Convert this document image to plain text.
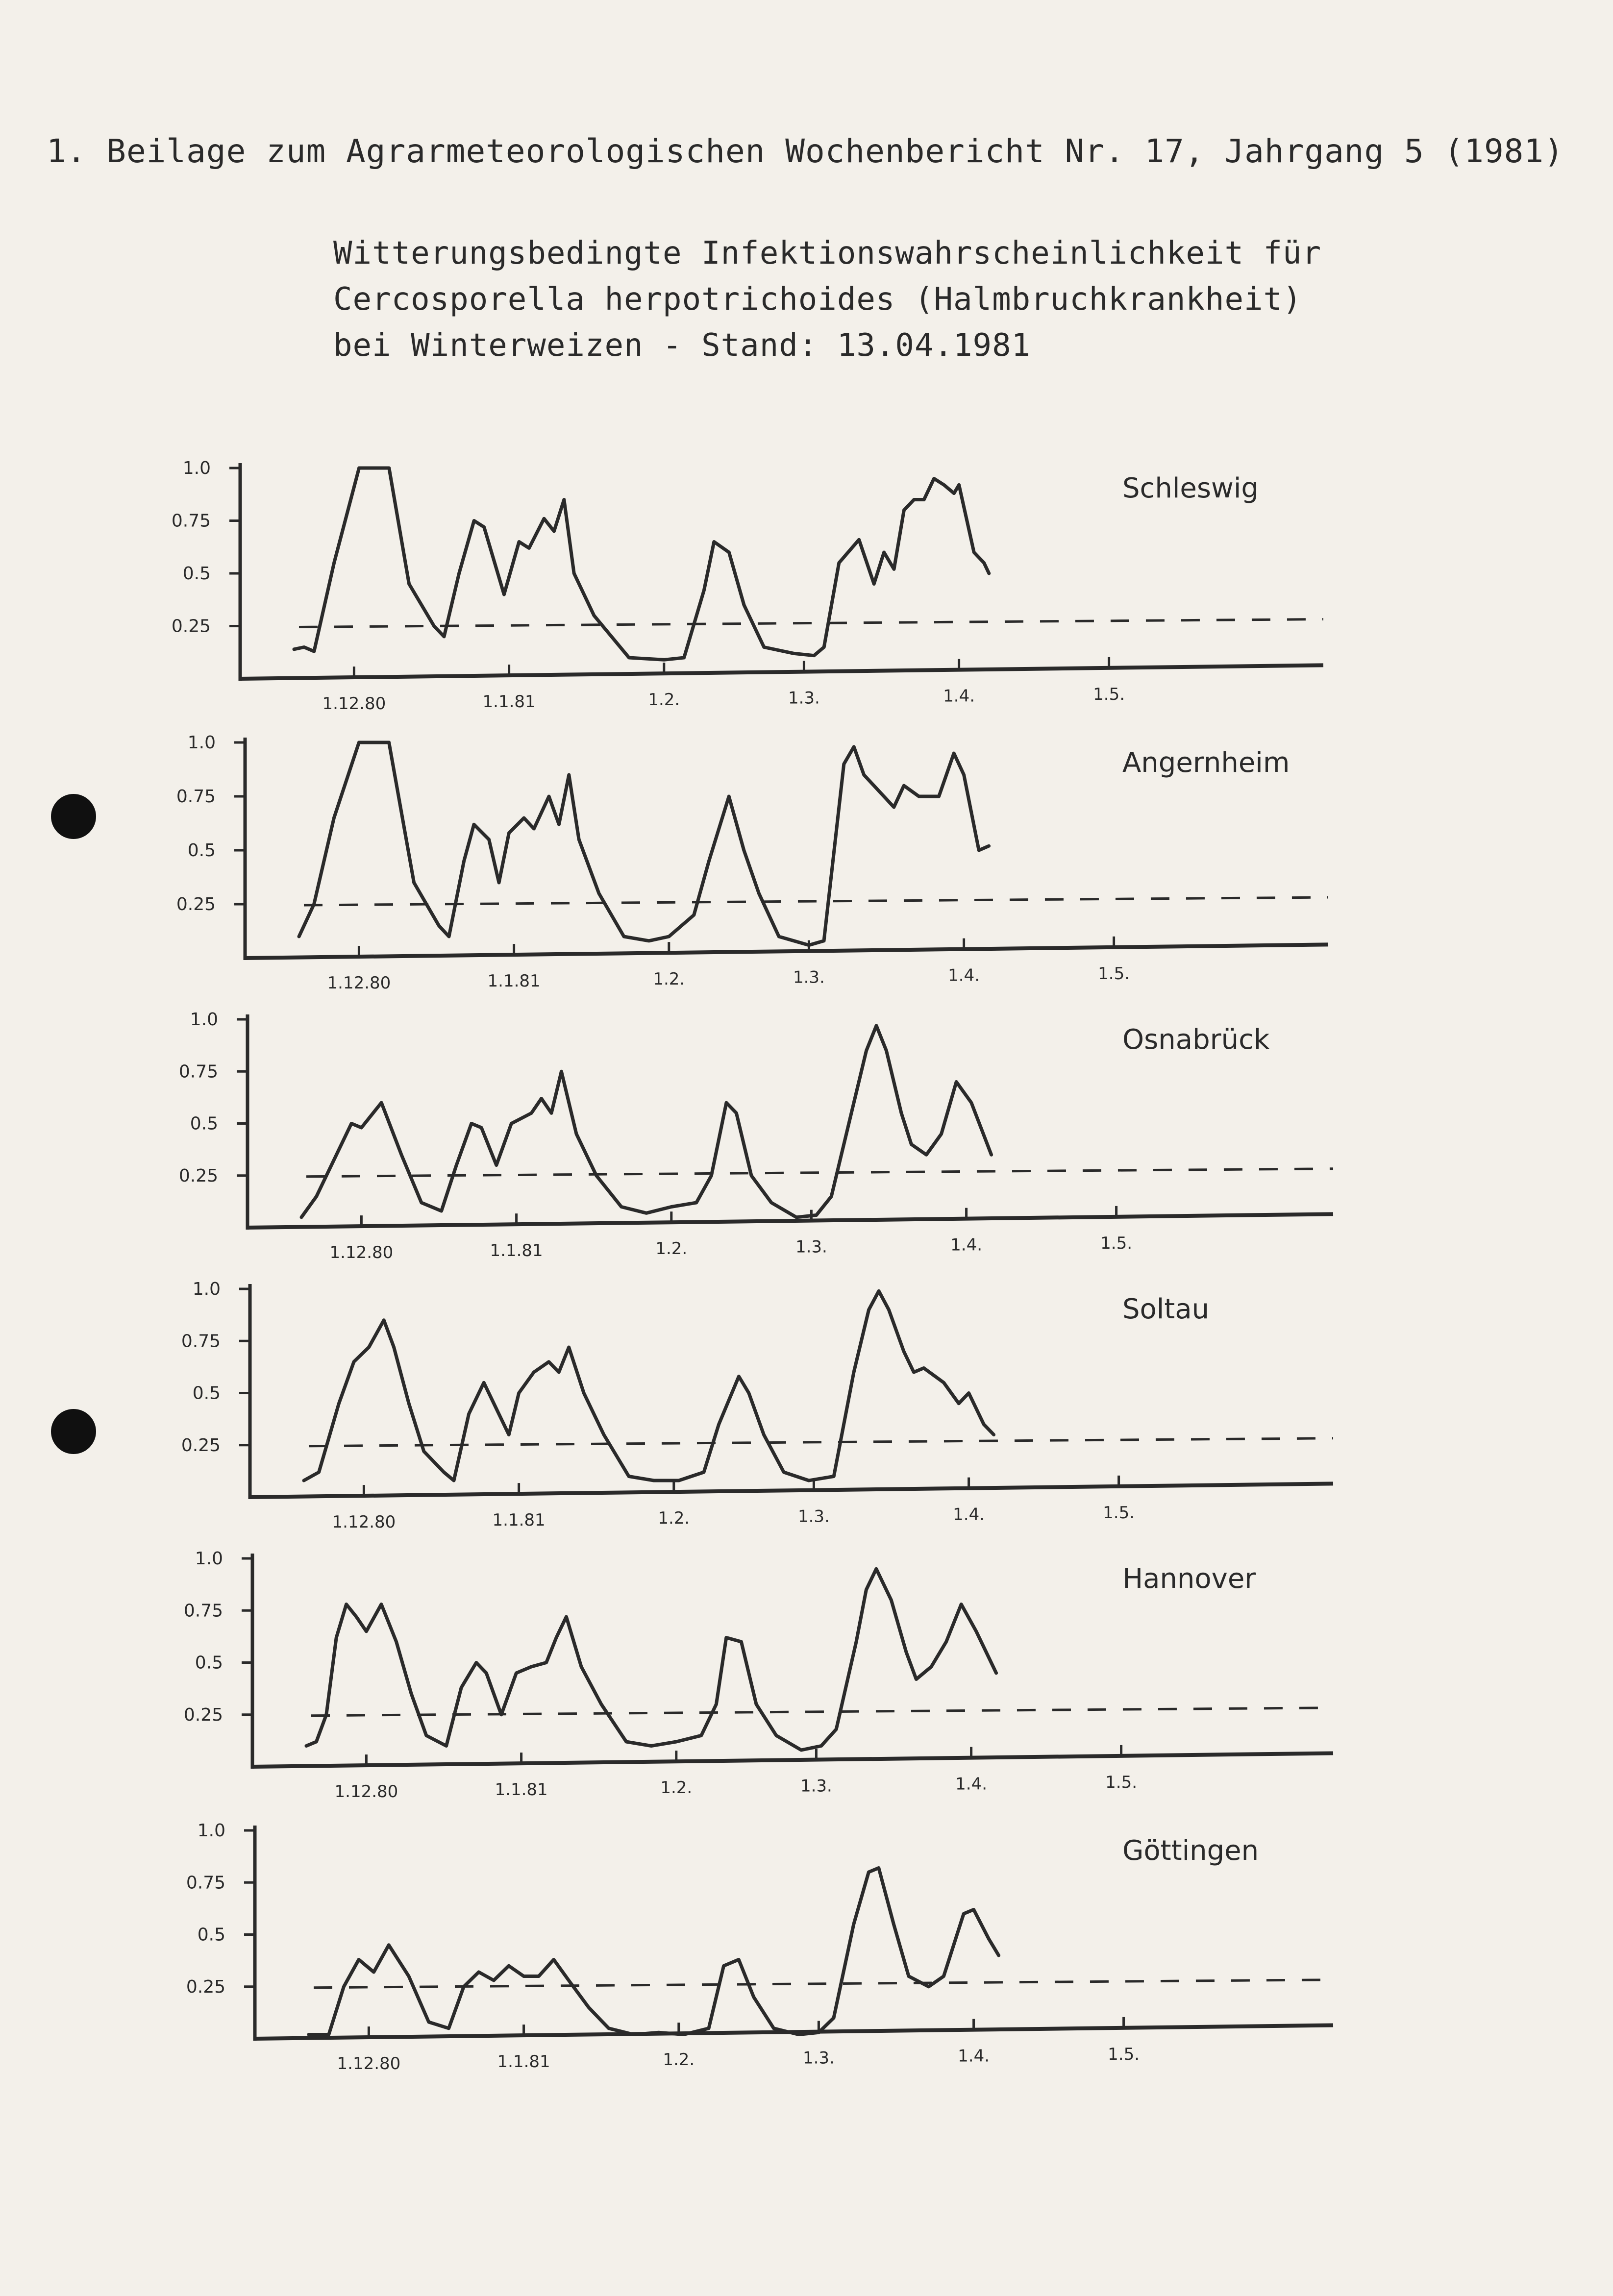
1. Beilage zum Agrarmeteorologischen Wochenbericht Nr. 17, Jahrgang 5 (1981)
Witterungsbedingte Infektionswahrscheinlichkeit für
Cercosporella herpotrichoides (Halmbruchkrankheit)
bei Winterweizen - Stand: 13.04.1981
1.0
0.75
0.5
0.25
1.12.80	1.1.81	1.2.	1.3.	1.4.	1.5.
Schleswig
1.0
0.75
0.5
0.25
1.12.80	1.1.81	1.2.	1.3.	1.4.	1.5.
Angernheim
1.0
0.75
0.5
0.25
1.12.80	1.1.81	1.2.	1.3.	1.4.	1.5.
Osnabrück
1.0
0.75
0.5
0.25
1.12.80	1.1.81	1.2.	1.3.	1.4.	1.5.
Soltau
1.0
0.75
0.5
0.25
1.12.80	1.1.81	1.2.	1.3.	1.4.	1.5.
Hannover
1.0
0.75
0.5
0.25
1.12.80	1.1.81	1.2.	1.3.	1.4.	1.5.
Göttingen
